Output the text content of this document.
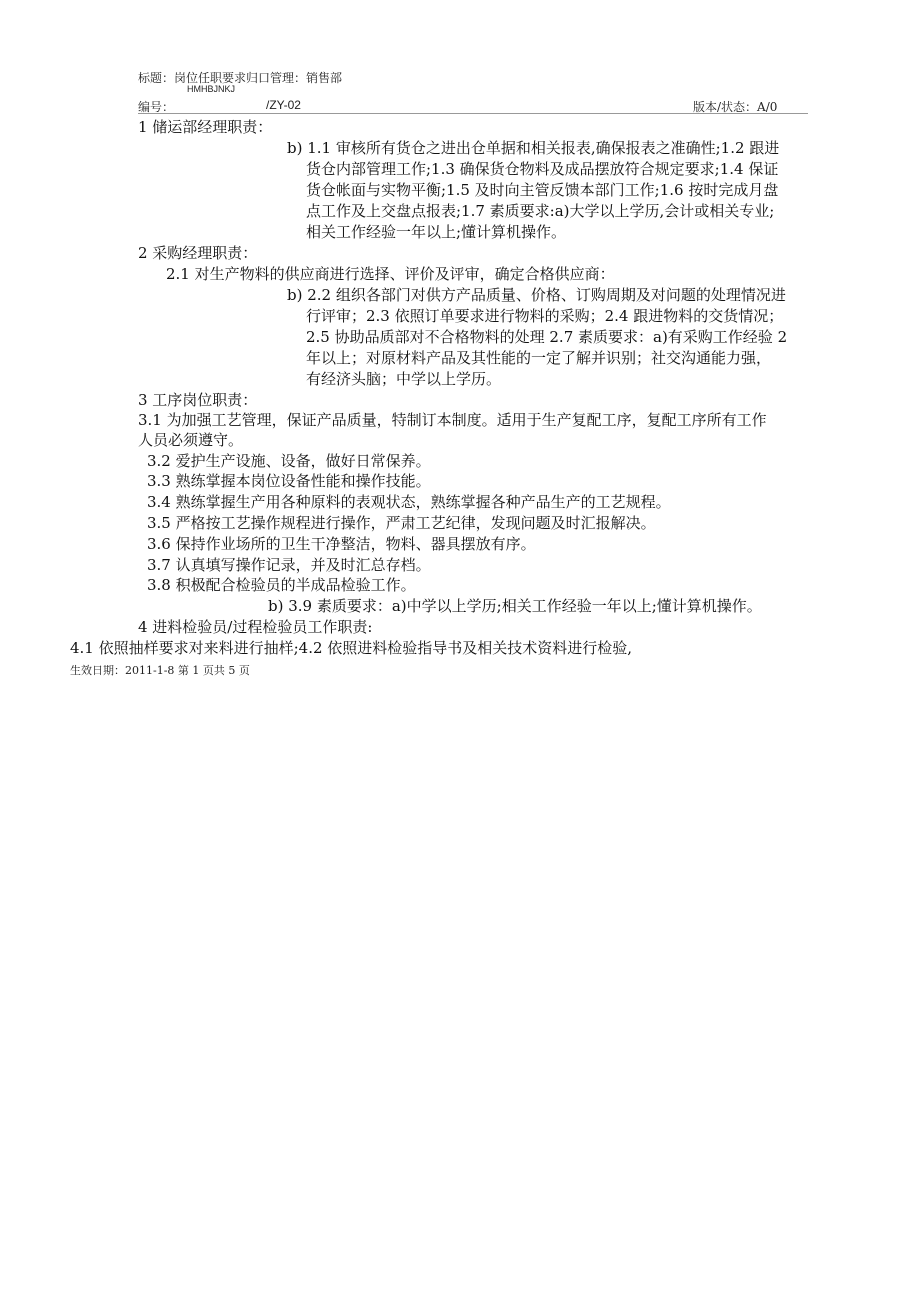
标题：岗位任职要求归口管理：销售部
HMHBJNKJ
编号：	/ZY-02	版本/状态：A/0
1 储运部经理职责：
b) 1.1 审核所有货仓之进出仓单据和相关报表,确保报表之准确性;1.2 跟进
货仓内部管理工作;1.3 确保货仓物料及成品摆放符合规定要求;1.4 保证
货仓帐面与实物平衡;1.5 及时向主管反馈本部门工作;1.6 按时完成月盘
点工作及上交盘点报表;1.7 素质要求:a)大学以上学历,会计或相关专业;
相关工作经验一年以上;懂计算机操作。
2 采购经理职责：
2.1 对生产物料的供应商进行选择、评价及评审，确定合格供应商：
b) 2.2 组织各部门对供方产品质量、价格、订购周期及对问题的处理情况进
行评审；2.3 依照订单要求进行物料的采购；2.4 跟进物料的交货情况；
2.5 协助品质部对不合格物料的处理 2.7 素质要求：a)有采购工作经验 2
年以上；对原材料产品及其性能的一定了解并识别；社交沟通能力强，
有经济头脑；中学以上学历。
3 工序岗位职责：
3.1 为加强工艺管理，保证产品质量，特制订本制度。适用于生产复配工序，复配工序所有工作
人员必须遵守。
3.2 爱护生产设施、设备，做好日常保养。
3.3 熟练掌握本岗位设备性能和操作技能。
3.4 熟练掌握生产用各种原料的表观状态，熟练掌握各种产品生产的工艺规程。
3.5 严格按工艺操作规程进行操作，严肃工艺纪律，发现问题及时汇报解决。
3.6 保持作业场所的卫生干净整洁，物料、器具摆放有序。
3.7 认真填写操作记录，并及时汇总存档。
3.8 积极配合检验员的半成品检验工作。
b) 3.9 素质要求：a)中学以上学历;相关工作经验一年以上;懂计算机操作。
4 进料检验员/过程检验员工作职责:
4.1 依照抽样要求对来料进行抽样;4.2 依照进料检验指导书及相关技术资料进行检验,
生效日期：2011-1-8 第 1 页共 5 页
